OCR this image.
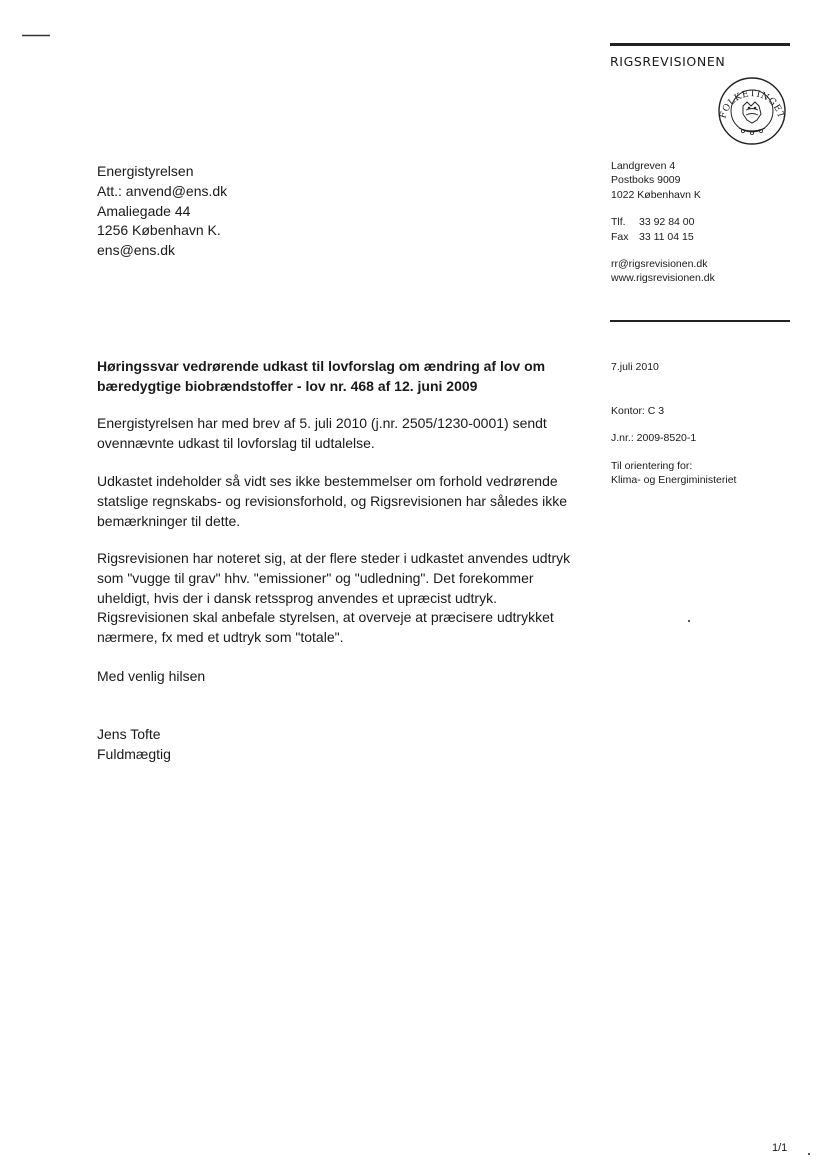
RIGSREVISIONEN
FOLKETINGET
Landgreven 4
Postboks 9009
1022 København K
Tlf. 33 92 84 00
Fax 33 11 04 15
rr@rigsrevisionen.dk
www.rigsrevisionen.dk
Energistyrelsen
Att.: anvend@ens.dk
Amaliegade 44
1256 København K.
ens@ens.dk
Høringssvar vedrørende udkast til lovforslag om ændring af lov om
bæredygtige biobrændstoffer - lov nr. 468 af 12. juni 2009
Energistyrelsen har med brev af 5. juli 2010 (j.nr. 2505/1230-0001) sendt
ovennævnte udkast til lovforslag til udtalelse.
Udkastet indeholder så vidt ses ikke bestemmelser om forhold vedrørende
statslige regnskabs- og revisionsforhold, og Rigsrevisionen har således ikke
bemærkninger til dette.
Rigsrevisionen har noteret sig, at der flere steder i udkastet anvendes udtryk
som "vugge til grav" hhv. "emissioner" og "udledning". Det forekommer
uheldigt, hvis der i dansk retssprog anvendes et upræcist udtryk.
Rigsrevisionen skal anbefale styrelsen, at overveje at præcisere udtrykket
nærmere, fx med et udtryk som "totale".
Med venlig hilsen
Jens Tofte
Fuldmægtig
7.juli 2010
Kontor: C 3
J.nr.: 2009-8520-1
Til orientering for:
Klima- og Energiministeriet
1/1
